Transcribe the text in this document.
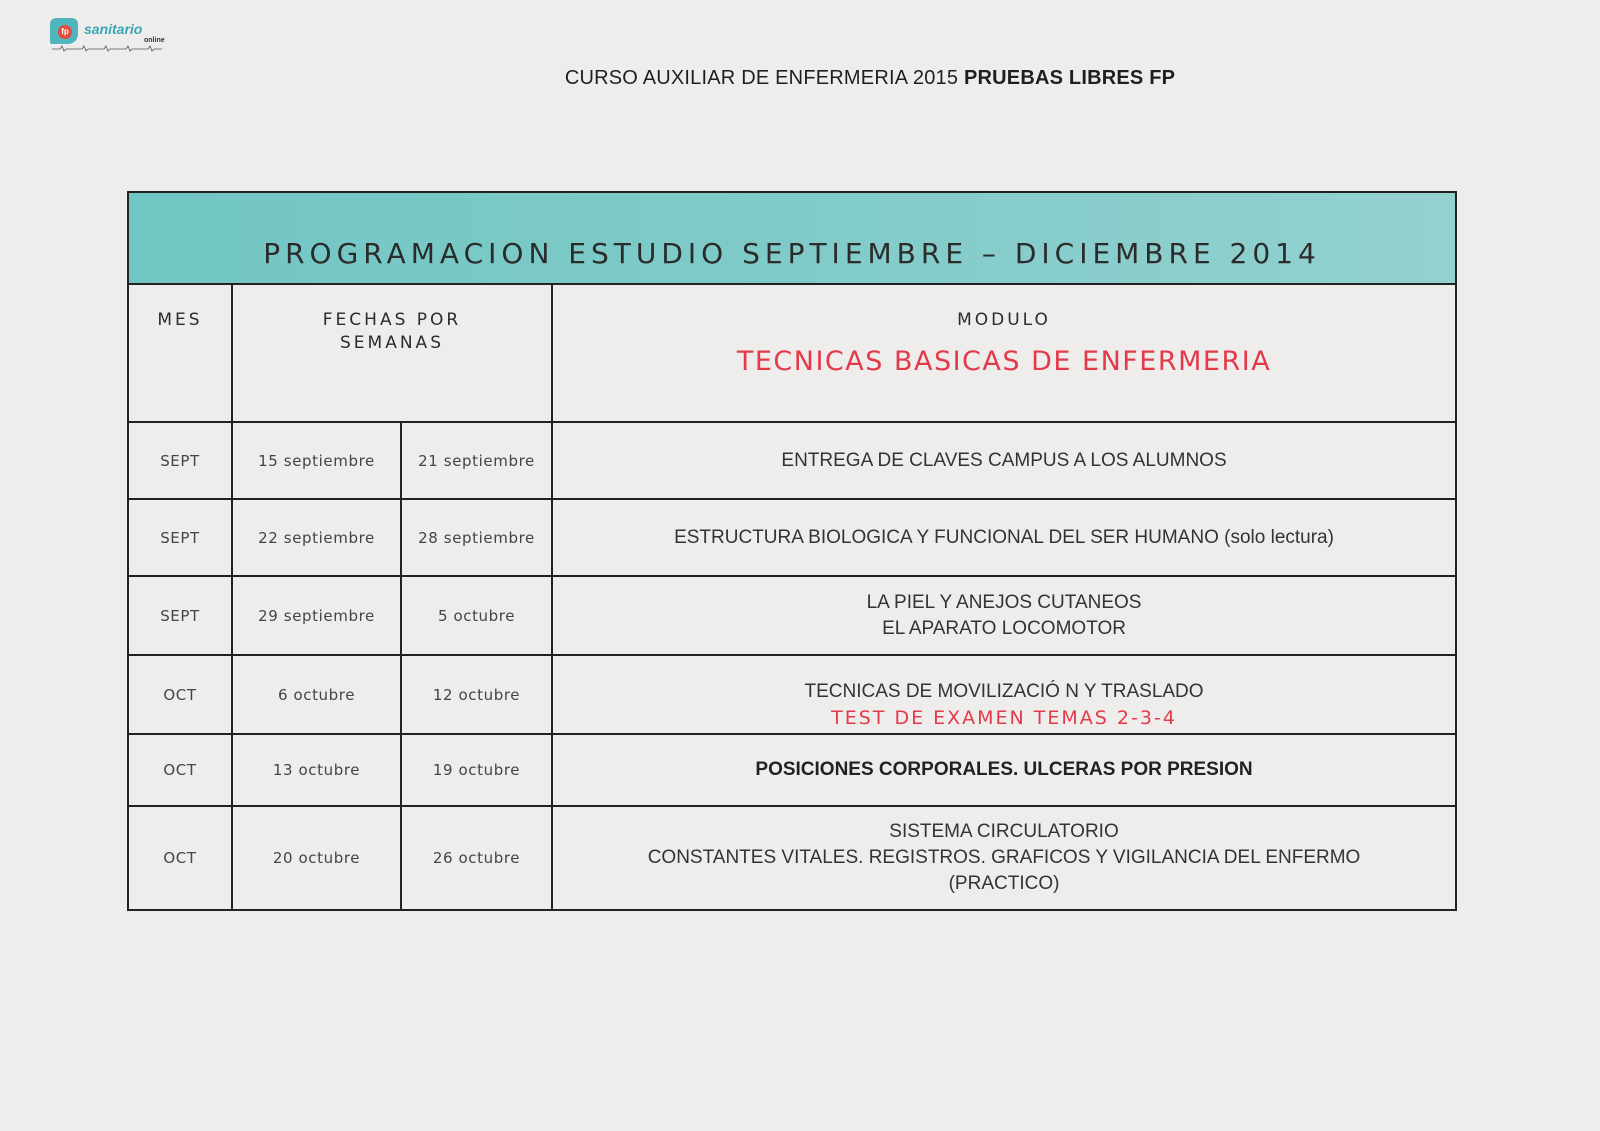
fp sanitario
online
CURSO AUXILIAR DE ENFERMERIA 2015 PRUEBAS LIBRES FP
PROGRAMACION ESTUDIO SEPTIEMBRE – DICIEMBRE 2014			

MES	FECHAS POR SEMANAS		MODULO
TECNICAS BASICAS DE ENFERMERIA

SEPT	15 septiembre	21 septiembre	ENTREGA DE CLAVES CAMPUS A LOS ALUMNOS

SEPT	22 septiembre	28 septiembre	ESTRUCTURA BIOLOGICA Y FUNCIONAL DEL SER HUMANO (solo lectura)

SEPT	29 septiembre	5 octubre	LA PIEL Y ANEJOS CUTANEOS
EL APARATO LOCOMOTOR

OCT	6 octubre	12 octubre	TECNICAS DE MOVILIZACIÓ N Y TRASLADO
TEST DE EXAMEN TEMAS 2-3-4

OCT	13 octubre	19 octubre	POSICIONES CORPORALES. ULCERAS POR PRESION

OCT	20 octubre	26 octubre	SISTEMA CIRCULATORIO
CONSTANTES VITALES. REGISTROS. GRAFICOS Y VIGILANCIA DEL ENFERMO
(PRACTICO)
